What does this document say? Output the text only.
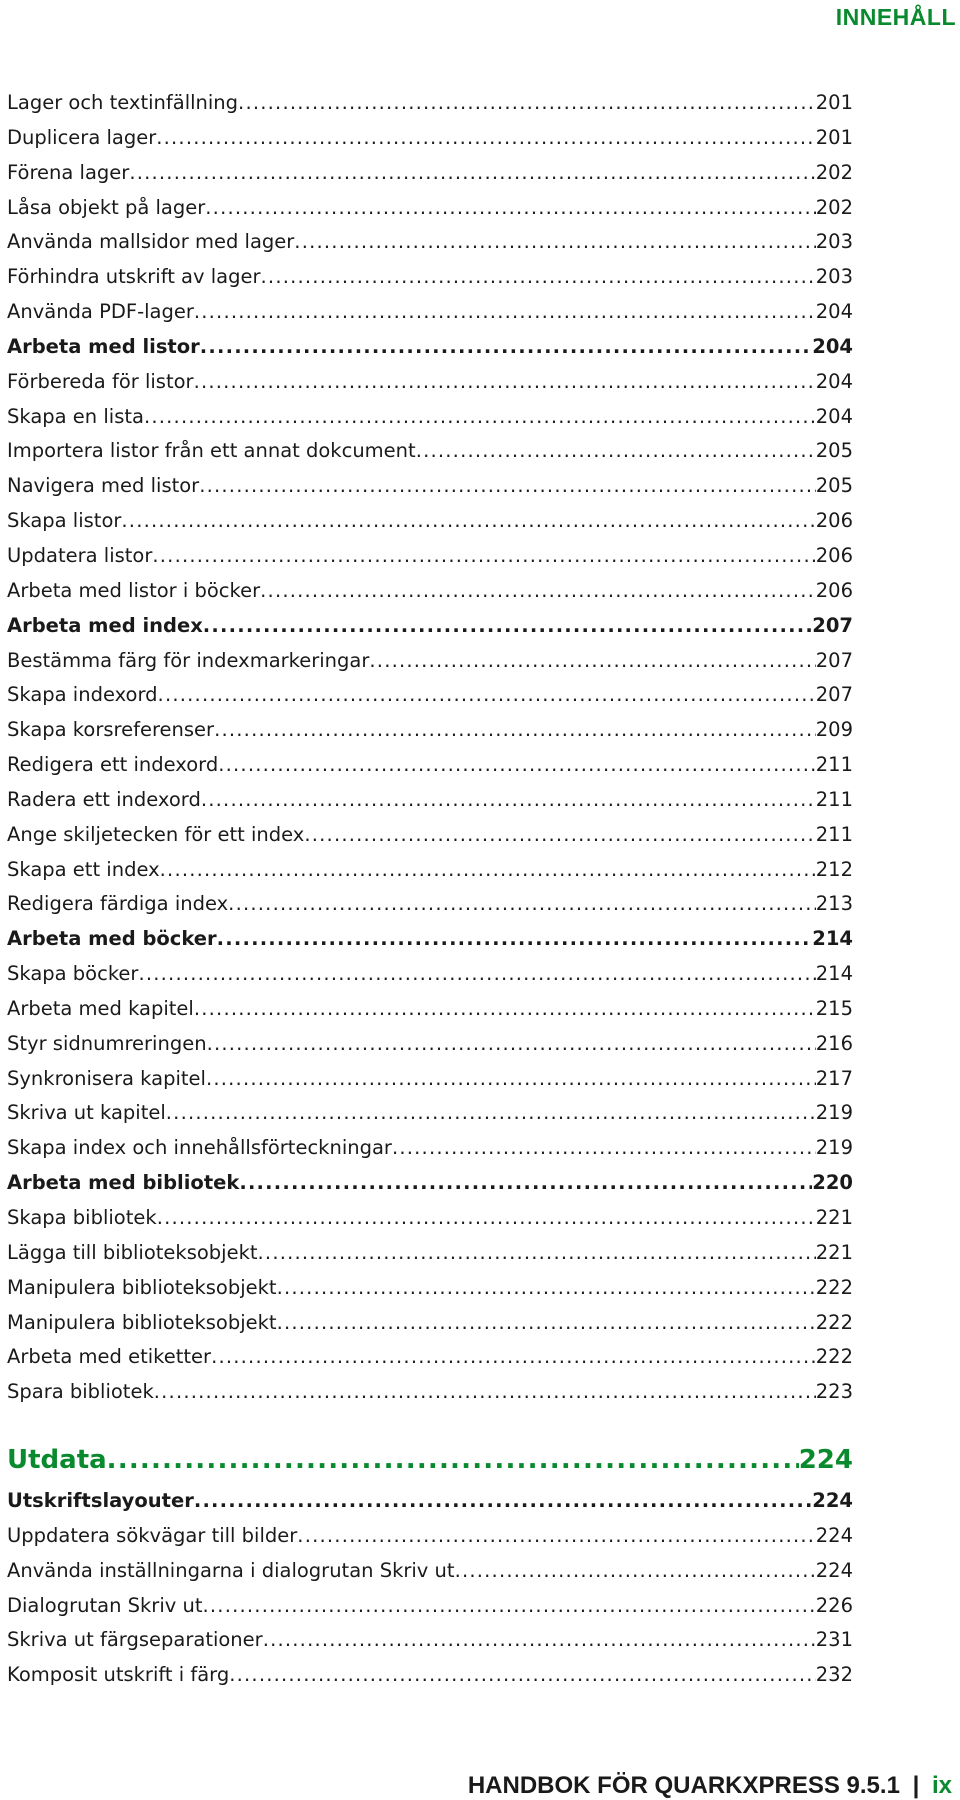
INNEHÅLL
Lager och textinfällning .....	201
Duplicera lager .....	201
Förena lager .....	202
Låsa objekt på lager .....	202
Använda mallsidor med lager .....	203
Förhindra utskrift av lager .....	203
Använda PDF-lager .....	204
Arbeta med listor .....	204
Förbereda för listor .....	204
Skapa en lista .....	204
Importera listor från ett annat dokcument .....	205
Navigera med listor .....	205
Skapa listor .....	206
Updatera listor .....	206
Arbeta med listor i böcker .....	206
Arbeta med index .....	207
Bestämma färg för indexmarkeringar .....	207
Skapa indexord .....	207
Skapa korsreferenser .....	209
Redigera ett indexord .....	211
Radera ett indexord .....	211
Ange skiljetecken för ett index .....	211
Skapa ett index .....	212
Redigera färdiga index .....	213
Arbeta med böcker .....	214
Skapa böcker .....	214
Arbeta med kapitel .....	215
Styr sidnumreringen .....	216
Synkronisera kapitel .....	217
Skriva ut kapitel .....	219
Skapa index och innehållsförteckningar .....	219
Arbeta med bibliotek .....	220
Skapa bibliotek .....	221
Lägga till biblioteksobjekt .....	221
Manipulera biblioteksobjekt .....	222
Manipulera biblioteksobjekt .....	222
Arbeta med etiketter .....	222
Spara bibliotek .....	223
Utdata .....	224
Utskriftslayouter .....	224
Uppdatera sökvägar till bilder .....	224
Använda inställningarna i dialogrutan Skriv ut .....	224
Dialogrutan Skriv ut .....	226
Skriva ut färgseparationer .....	231
Komposit utskrift i färg .....	232
HANDBOK FÖR QUARKXPRESS 9.5.1 | ix
